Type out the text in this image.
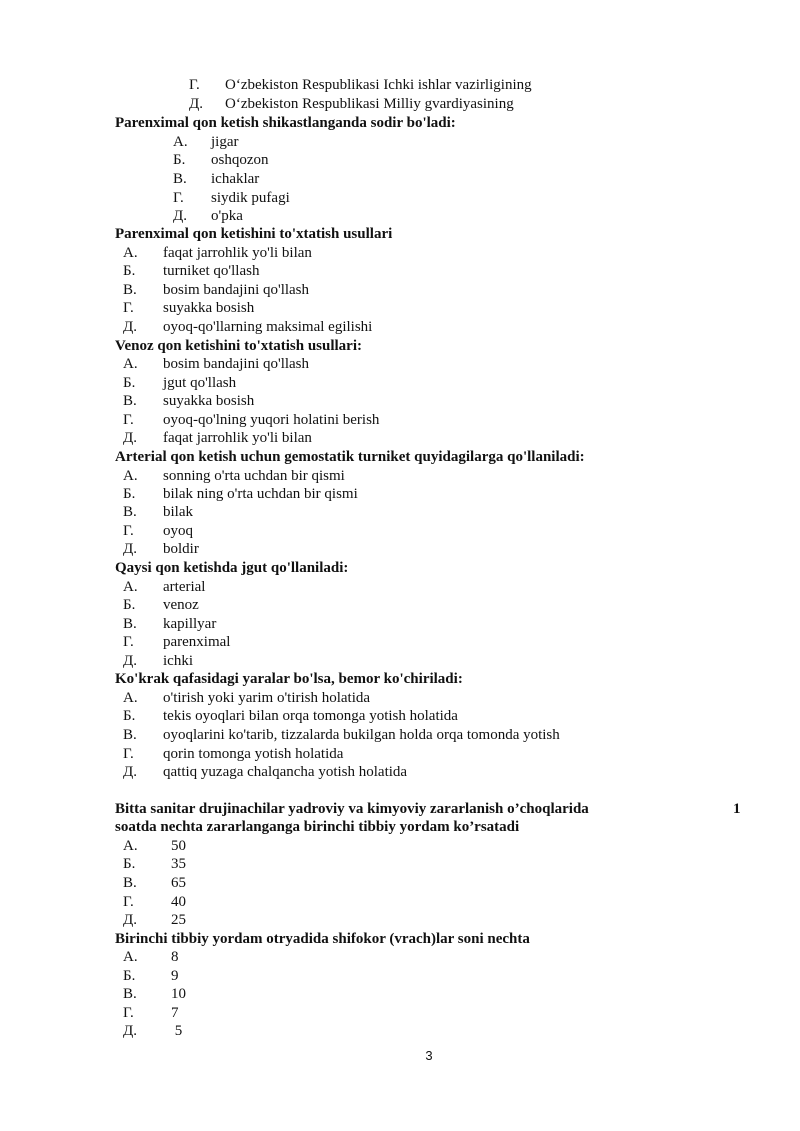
Г. O‘zbekiston Respublikasi Ichki ishlar vazirligining
Д. O‘zbekiston Respublikasi Milliy gvardiyasining
Parenximal qon ketish shikastlanganda sodir bo'ladi:
А. jigar
Б. oshqozon
В. ichaklar
Г. siydik pufagi
Д. o'pka
Parenximal qon ketishini to'xtatish usullari
А. faqat jarrohlik yo'li bilan
Б. turniket qo'llash
В. bosim bandajini qo'llash
Г. suyakka bosish
Д. oyoq-qo'llarning maksimal egilishi
Venoz qon ketishini to'xtatish usullari:
А. bosim bandajini qo'llash
Б. jgut qo'llash
В. suyakka bosish
Г. oyoq-qo'lning yuqori holatini berish
Д. faqat jarrohlik yo'li bilan
Arterial qon ketish uchun gemostatik turniket quyidagilarga qo'llaniladi:
А. sonning o'rta uchdan bir qismi
Б. bilak ning o'rta uchdan bir qismi
В. bilak
Г. oyoq
Д. boldir
Qaysi qon ketishda jgut qo'llaniladi:
А. arterial
Б. venoz
В. kapillyar
Г. parenximal
Д. ichki
Ko'krak qafasidagi yaralar bo'lsa, bemor ko'chiriladi:
А. o'tirish yoki yarim o'tirish holatida
Б. tekis oyoqlari bilan orqa tomonga yotish holatida
В. oyoqlarini ko'tarib, tizzalarda bukilgan holda orqa tomonda yotish
Г. qorin tomonga yotish holatida
Д. qattiq yuzaga chalqancha yotish holatida
Bitta sanitar drujinachilar yadroviy va kimyoviy zararlanish o’choqlarida	1
soatda nechta zararlanganga birinchi tibbiy yordam ko’rsatadi
А. 50
Б. 35
В. 65
Г. 40
Д. 25
Birinchi tibbiy yordam otryadida shifokor (vrach)lar soni nechta
А. 8
Б. 9
В. 10
Г. 7
Д. 5
3
